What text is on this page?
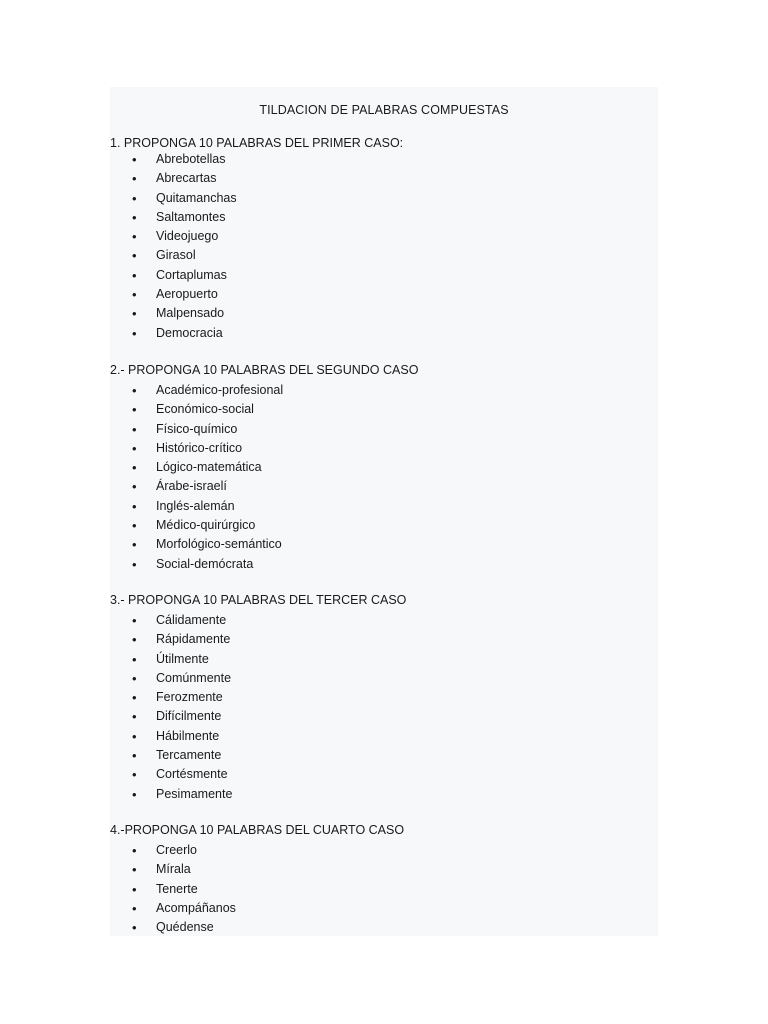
TILDACION DE PALABRAS COMPUESTAS
1. PROPONGA 10 PALABRAS DEL PRIMER CASO:
• Abrebotellas
• Abrecartas
• Quitamanchas
• Saltamontes
• Videojuego
• Girasol
• Cortaplumas
• Aeropuerto
• Malpensado
• Democracia
2.- PROPONGA 10 PALABRAS DEL SEGUNDO CASO
• Académico-profesional
• Económico-social
• Físico-químico
• Histórico-crítico
• Lógico-matemática
• Árabe-israelí
• Inglés-alemán
• Médico-quirúrgico
• Morfológico-semántico
• Social-demócrata
3.- PROPONGA 10 PALABRAS DEL TERCER CASO
• Cálidamente
• Rápidamente
• Útilmente
• Comúnmente
• Ferozmente
• Difícilmente
• Hábilmente
• Tercamente
• Cortésmente
• Pesimamente
4.-PROPONGA 10 PALABRAS DEL CUARTO CASO
• Creerlo
• Mírala
• Tenerte
• Acompáñanos
• Quédense
